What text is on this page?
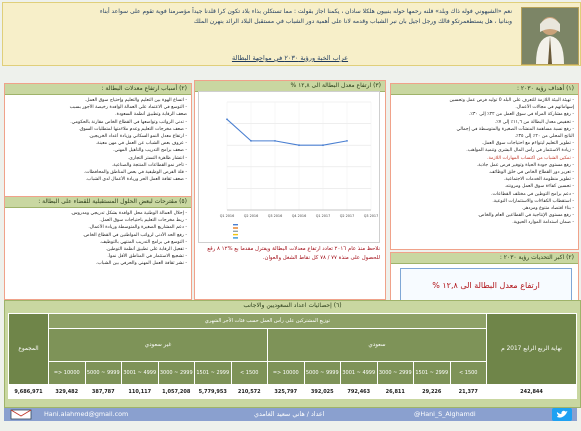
نعم «الشيهوني فوله ذاك وبلد» فلنه رحمها حوله بنبيون هلكلا سادان ، يكمنا اجاز بقولت : مما تستكلن بذاء بلاد تكون كرا قلدنا جيداً مؤصرمنا فوية تقوم على سواعد أبناء
وبنانيا ، هل يستطعمرتكو فالك ورجل اجيل بان نبر الشباب وقدمه لانا على أهمية دور الشباب في مستقبل البلاد الرائد بنهرن الملك
عراب الخبة ورؤية ٢٠٣٠ في مواجهة البطالة
(١) أهداف رؤية ٢٠٣٠ :
- تهيئة البيئة اللازمة للتعرف على البلد 0 توليد فرص عمل وتحسين
إسهاماتهم في مجالات الأعمال.
- رفع مشاركة المرأة في سوق العمل من ٢٢٪ إلى ٣٠٪.
- تخفيض معدل البطالة من ١١,٦٪ إلى ٧٪.
- رفع نسبة مساهمة المنشآت الصغيرة والمتوسطة في إجمالي
الناتج المحلي من ٢٠٪ إلى ٣٥٪.
- تطوير التعليم ليتواءم مع احتياجات سوق العمل.
- زيادة الاستثمار في رأس المال البشري وتنمية المواهب.
- تمكين الشباب من اكتساب المهارات اللازمة.
- رفع مستوى جودة الحياة وتوفير فرص عمل جاذبة.
- تعزيز دور القطاع الخاص في خلق الوظائف.
- تطوير منظومة الخدمات الاجتماعية.
- تحسين كفاءة سوق العمل ومرونته.
- دعم برامج التوطين في مختلف القطاعات.
- استقطاب الكفاءات والاستثمارات النوعية.
- بناء اقتصاد متنوع ومزدهر.
- رفع مستوى الإنتاجية في القطاعين العام والخاص.
- ضمان استدامة الموارد الحيوية.
(٢) اكبر التحديات رؤية ٢٠٣٠ :
ارتفاع معدل البطالة الى ١٢,٨ %
(٣) ارتفاع معدل البطالة الى ١٢,٨ %
Q1 2016	Q2 2016	Q3 2016	Q4 2016	Q1 2017	Q2 2017	Q3 2017
نلاحظ منذ عام ٢٠١٦ تعادد ارتفاع معدلات البطالة ويفترل مقدما بع %١٢ ٨ رقع
للحصول على منذة ٧٧ / ٧٨ كل نقاط الشغل والعوان.
(٢) أسباب ارتفاع معدلات البطالة :
- اتساع الهوة بين التعليم والتعليم وإحتياج سوق العمل.
- التوسع في الاعتماد على العمالة الوافدة رخيصة الأجور بسبب
ضعف الرقابة وتطبيق أنظمة السعودة.
- تدني الرواتب وتواضعها في القطاع الخاص مقارنة بالحكومي.
- ضعف مخرجات التعليم وعدم ملاءمتها لمتطلبات السوق.
- ارتفاع معدل النمو السكاني وزيادة أعداد الخريجين.
- عزوف بعض الشباب عن العمل في مهن معينة.
- ضعف برامج التدريب والتأهيل المهني.
- انتشار ظاهرة التستر التجاري.
- تأخر نمو القطاعات المنتجة والصناعية.
- قلة الفرص الوظيفية في بعض المناطق والمحافظات.
- ضعف ثقافة العمل الحر وريادة الأعمال لدى الشباب.
(٥) مقترحات لبعض الحلول المستقبلية للقضاء على البطالة :
- إحلال العمالة الوطنية محل الوافدة بشكل تدريجي ومدروس.
- ربط مخرجات التعليم باحتياجات سوق العمل.
- دعم المشاريع الصغيرة والمتوسطة وريادة الأعمال.
- رفع الحد الأدنى لرواتب المواطنين في القطاع الخاص.
- التوسع في برامج التدريب المنتهي بالتوظيف.
- تفعيل الرقابة على تطبيق أنظمة التوطين.
- تشجيع الاستثمار في المناطق الأقل نمواً.
- نشر ثقافة العمل المهني والحرفي بين الشباب.
(٦) إحصائيات اعداد السعوديين والاجانب
نهاية الربع الرابع 2017 م	توزيع المشتركين على رأس العمل حسب فئات الأجر الشهري												المجموع
	سعودي						غير سعودي						
	1500 >	2999 ~ 1501	2999 ~ 3000	4999 ~ 3001	9999 ~ 5000	10000 <=	1500 >	2999 ~ 1501	2999 ~ 3000	4999 ~ 3001	9999 ~ 5000	10000 <=	
242,844	21,377	29,226	26,811	792,463	392,025	325,797	210,572	5,779,953	1,057,208	110,117	387,787	329,482	9,686,971
Hani.alahmed@gmail.com	اعداد / هاني سعيد الغامدي	@Hani_S_Alghamdi
